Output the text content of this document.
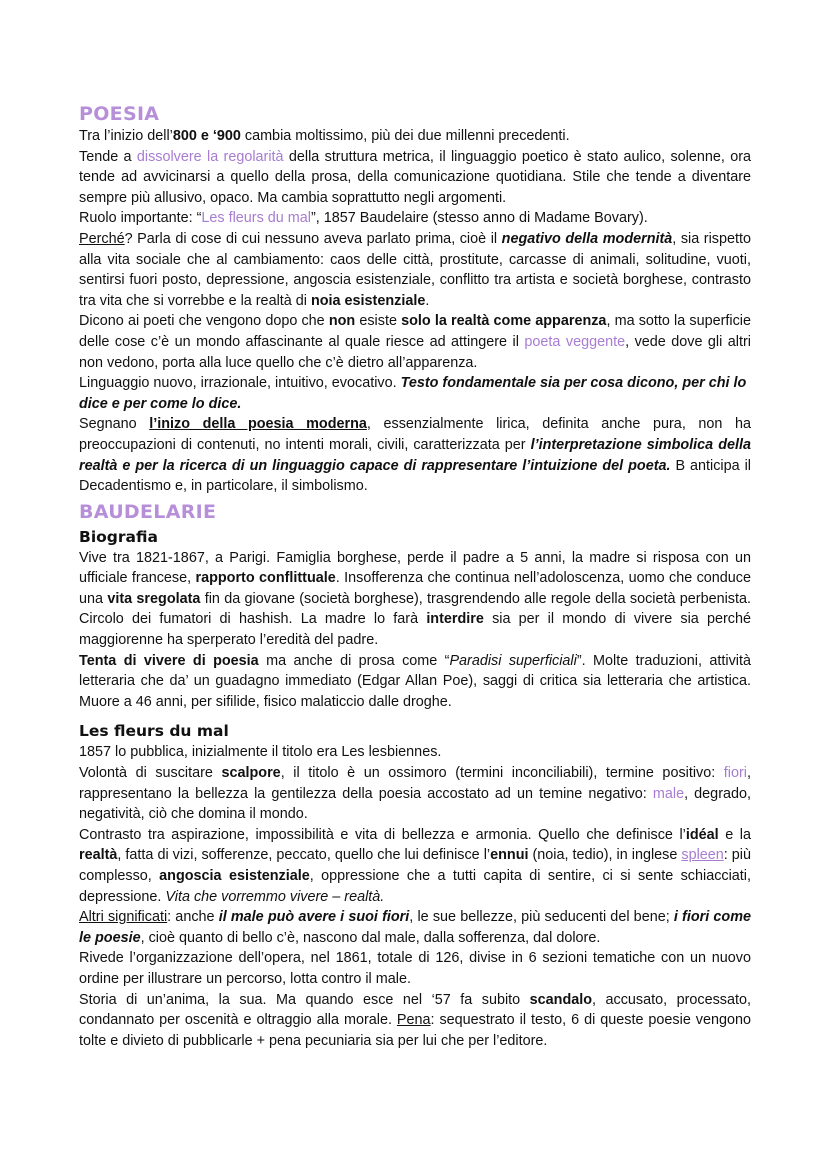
POESIA

Tra l’inizio dell’800 e ‘900 cambia moltissimo, più dei due millenni precedenti.

Tende a dissolvere la regolarità della struttura metrica, il linguaggio poetico è stato aulico, solenne, ora tende ad avvicinarsi a quello della prosa, della comunicazione quotidiana. Stile che tende a diventare sempre più allusivo, opaco. Ma cambia soprattutto negli argomenti.

Ruolo importante: “Les fleurs du mal”, 1857 Baudelaire (stesso anno di Madame Bovary).

Perché? Parla di cose di cui nessuno aveva parlato prima, cioè il negativo della modernità, sia rispetto alla vita sociale che al cambiamento: caos delle città, prostitute, carcasse di animali, solitudine, vuoti, sentirsi fuori posto, depressione, angoscia esistenziale, conflitto tra artista e società borghese, contrasto tra vita che si vorrebbe e la realtà di noia esistenziale.

Dicono ai poeti che vengono dopo che non esiste solo la realtà come apparenza, ma sotto la superficie delle cose c’è un mondo affascinante al quale riesce ad attingere il poeta veggente, vede dove gli altri non vedono, porta alla luce quello che c’è dietro all’apparenza.

Linguaggio nuovo, irrazionale, intuitivo, evocativo. Testo fondamentale sia per cosa dicono, per chi lo dice e per come lo dice.

Segnano l’inizo della poesia moderna, essenzialmente lirica, definita anche pura, non ha preoccupazioni di contenuti, no intenti morali, civili, caratterizzata per l’interpretazione simbolica della realtà e per la ricerca di un linguaggio capace di rappresentare l’intuizione del poeta. B anticipa il Decadentismo e, in particolare, il simbolismo.

BAUDELARIE
Biografia

Vive tra 1821-1867, a Parigi. Famiglia borghese, perde il padre a 5 anni, la madre si risposa con un ufficiale francese, rapporto conflittuale. Insofferenza che continua nell’adoloscenza, uomo che conduce una vita sregolata fin da giovane (società borghese), trasgrendendo alle regole della società perbenista. Circolo dei fumatori di hashish. La madre lo farà interdire sia per il mondo di vivere sia perché maggiorenne ha sperperato l’eredità del padre.

Tenta di vivere di poesia ma anche di prosa come “Paradisi superficiali”. Molte traduzioni, attività letteraria che da’ un guadagno immediato (Edgar Allan Poe), saggi di critica sia letteraria che artistica. Muore a 46 anni, per sifilide, fisico malaticcio dalle droghe.

Les fleurs du mal

1857 lo pubblica, inizialmente il titolo era Les lesbiennes.

Volontà di suscitare scalpore, il titolo è un ossimoro (termini inconciliabili), termine positivo: fiori, rappresentano la bellezza la gentilezza della poesia accostato ad un temine negativo: male, degrado, negatività, ciò che domina il mondo.

Contrasto tra aspirazione, impossibilità e vita di bellezza e armonia. Quello che definisce l’idéal e la realtà, fatta di vizi, sofferenze, peccato, quello che lui definisce l’ennui (noia, tedio), in inglese spleen: più complesso, angoscia esistenziale, oppressione che a tutti capita di sentire, ci si sente schiacciati, depressione. Vita che vorremmo vivere – realtà.

Altri significati: anche il male può avere i suoi fiori, le sue bellezze, più seducenti del bene; i fiori come le poesie, cioè quanto di bello c’è, nascono dal male, dalla sofferenza, dal dolore.

Rivede l’organizzazione dell’opera, nel 1861, totale di 126, divise in 6 sezioni tematiche con un nuovo ordine per illustrare un percorso, lotta contro il male.

Storia di un’anima, la sua. Ma quando esce nel ‘57 fa subito scandalo, accusato, processato, condannato per oscenità e oltraggio alla morale. Pena: sequestrato il testo, 6 di queste poesie vengono tolte e divieto di pubblicarle + pena pecuniaria sia per lui che per l’editore.
